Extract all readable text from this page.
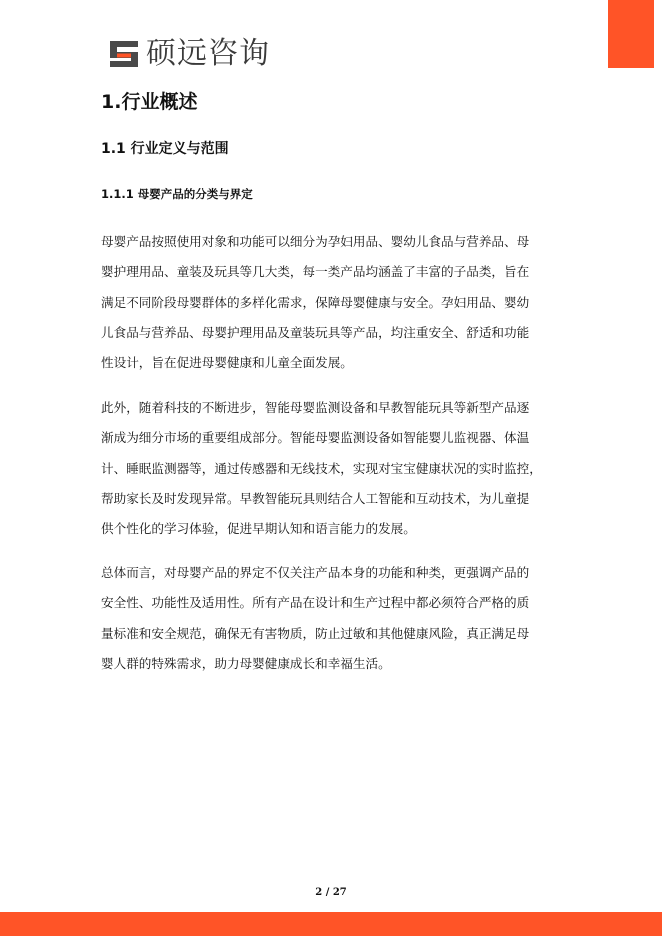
硕远咨询
1.行业概述
1.1 行业定义与范围
1.1.1 母婴产品的分类与界定

母婴产品按照使用对象和功能可以细分为孕妇用品、婴幼儿食品与营养品、母
婴护理用品、童装及玩具等几大类，每一类产品均涵盖了丰富的子品类，旨在
满足不同阶段母婴群体的多样化需求，保障母婴健康与安全。孕妇用品、婴幼
儿食品与营养品、母婴护理用品及童装玩具等产品，均注重安全、舒适和功能
性设计，旨在促进母婴健康和儿童全面发展。

此外，随着科技的不断进步，智能母婴监测设备和早教智能玩具等新型产品逐
渐成为细分市场的重要组成部分。智能母婴监测设备如智能婴儿监视器、体温
计、睡眠监测器等，通过传感器和无线技术，实现对宝宝健康状况的实时监控，
帮助家长及时发现异常。早教智能玩具则结合人工智能和互动技术，为儿童提
供个性化的学习体验，促进早期认知和语言能力的发展。

总体而言，对母婴产品的界定不仅关注产品本身的功能和种类，更强调产品的
安全性、功能性及适用性。所有产品在设计和生产过程中都必须符合严格的质
量标准和安全规范，确保无有害物质，防止过敏和其他健康风险，真正满足母
婴人群的特殊需求，助力母婴健康成长和幸福生活。

2 / 27
